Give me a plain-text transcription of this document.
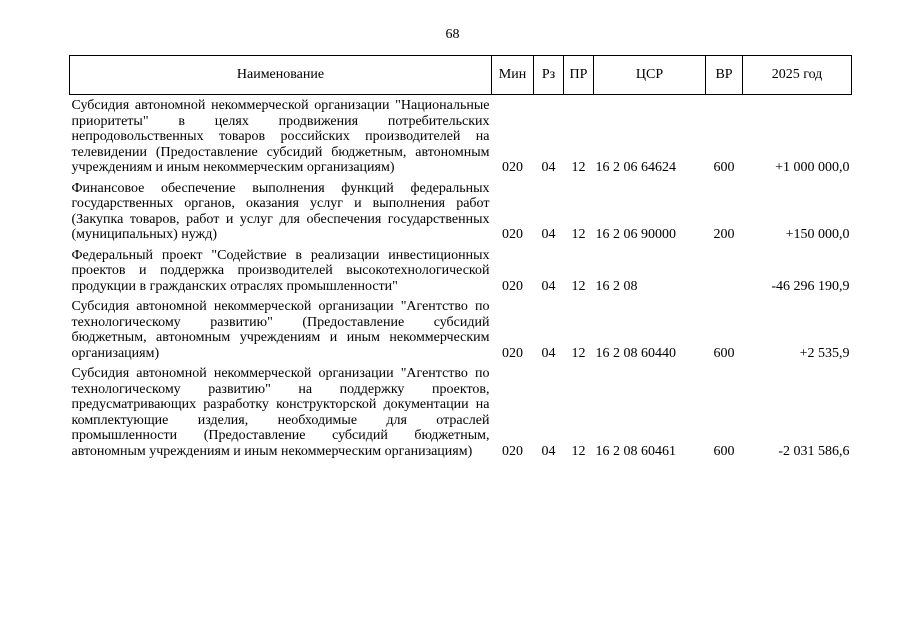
68
Наименование	Мин	Рз	ПР	ЦСР	ВР	2025 год
Субсидия автономной некоммерческой организации "Национальные приоритеты" в целях продвижения потребительских непродовольственных товаров российских производителей на телевидении (Предоставление субсидий бюджетным, автономным учреждениям и иным некоммерческим организациям)	020	04	12	16 2 06 64624	600	+1 000 000,0
Финансовое обеспечение выполнения функций федеральных государственных органов, оказания услуг и выполнения работ (Закупка товаров, работ и услуг для обеспечения государственных (муниципальных) нужд)	020	04	12	16 2 06 90000	200	+150 000,0
Федеральный проект "Содействие в реализации инвестиционных проектов и поддержка производителей высокотехнологической продукции в гражданских отраслях промышленности"	020	04	12	16 2 08		-46 296 190,9
Субсидия автономной некоммерческой организации "Агентство по технологическому развитию" (Предоставление субсидий бюджетным, автономным учреждениям и иным некоммерческим организациям)	020	04	12	16 2 08 60440	600	+2 535,9
Субсидия автономной некоммерческой организации "Агентство по технологическому развитию" на поддержку проектов, предусматривающих разработку конструкторской документации на комплектующие изделия, необходимые для отраслей промышленности (Предоставление субсидий бюджетным, автономным учреждениям и иным некоммерческим организациям)	020	04	12	16 2 08 60461	600	-2 031 586,6
